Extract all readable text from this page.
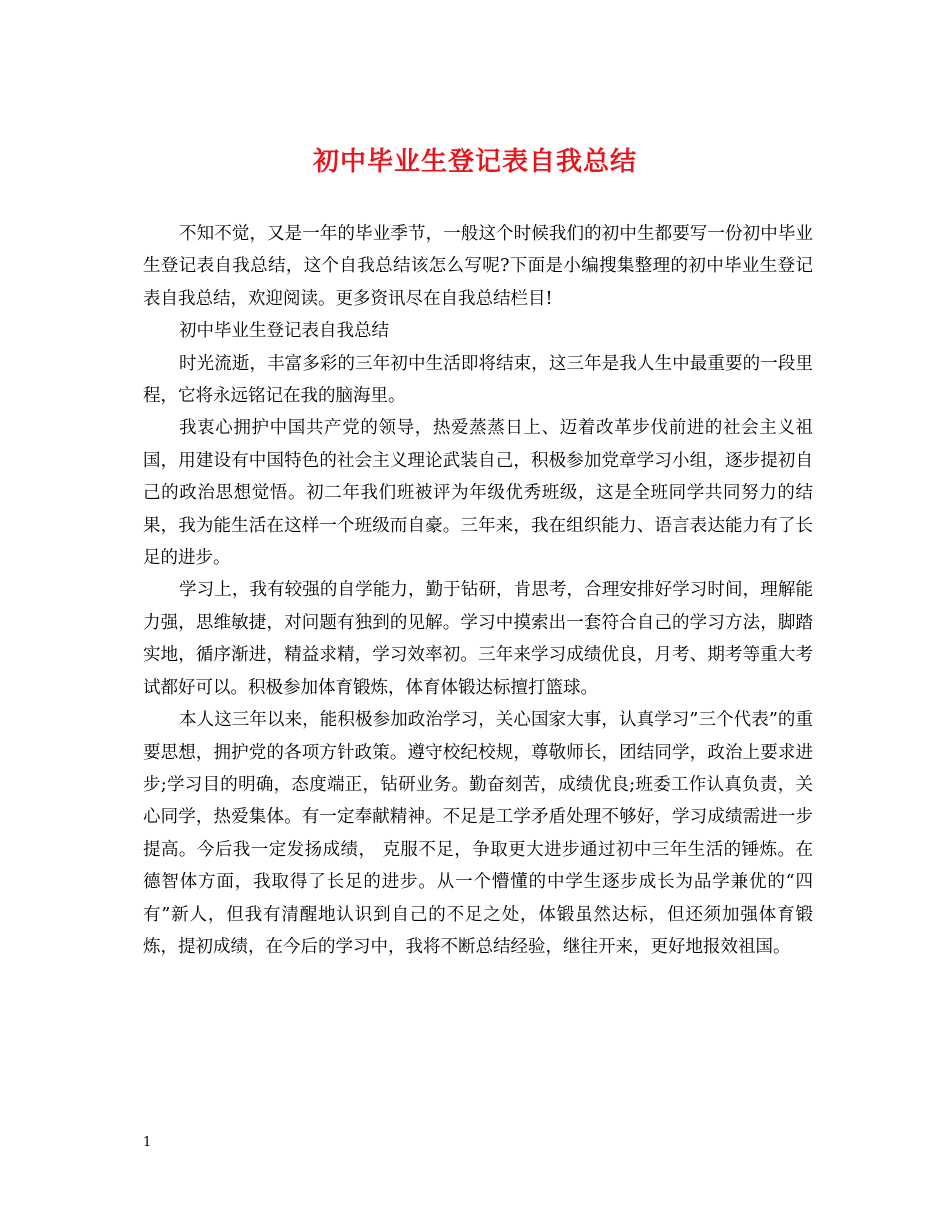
初中毕业生登记表自我总结

不知不觉，又是一年的毕业季节，一般这个时候我们的初中生都要写一份初中毕业生登记表自我总结，这个自我总结该怎么写呢?下面是小编搜集整理的初中毕业生登记表自我总结，欢迎阅读。更多资讯尽在自我总结栏目!

初中毕业生登记表自我总结

时光流逝，丰富多彩的三年初中生活即将结束，这三年是我人生中最重要的一段里程，它将永远铭记在我的脑海里。

我衷心拥护中国共产党的领导，热爱蒸蒸日上、迈着改革步伐前进的社会主义祖国，用建设有中国特色的社会主义理论武装自己，积极参加党章学习小组，逐步提初自己的政治思想觉悟。初二年我们班被评为年级优秀班级，这是全班同学共同努力的结果，我为能生活在这样一个班级而自豪。三年来，我在组织能力、语言表达能力有了长足的进步。

学习上，我有较强的自学能力，勤于钻研，肯思考，合理安排好学习时间，理解能力强，思维敏捷，对问题有独到的见解。学习中摸索出一套符合自己的学习方法，脚踏实地，循序渐进，精益求精，学习效率初。三年来学习成绩优良，月考、期考等重大考试都好可以。积极参加体育锻炼，体育体锻达标擅打篮球。

本人这三年以来，能积极参加政治学习，关心国家大事，认真学习”三个代表”的重要思想，拥护党的各项方针政策。遵守校纪校规，尊敬师长，团结同学，政治上要求进步;学习目的明确，态度端正，钻研业务。勤奋刻苦，成绩优良;班委工作认真负责，关心同学，热爱集体。有一定奉献精神。不足是工学矛盾处理不够好，学习成绩需进一步提高。今后我一定发扬成绩， 克服不足，争取更大进步通过初中三年生活的锤炼。在德智体方面，我取得了长足的进步。从一个懵懂的中学生逐步成长为品学兼优的“四有”新人，但我有清醒地认识到自己的不足之处，体锻虽然达标，但还须加强体育锻炼，提初成绩，在今后的学习中，我将不断总结经验，继往开来，更好地报效祖国。

1
